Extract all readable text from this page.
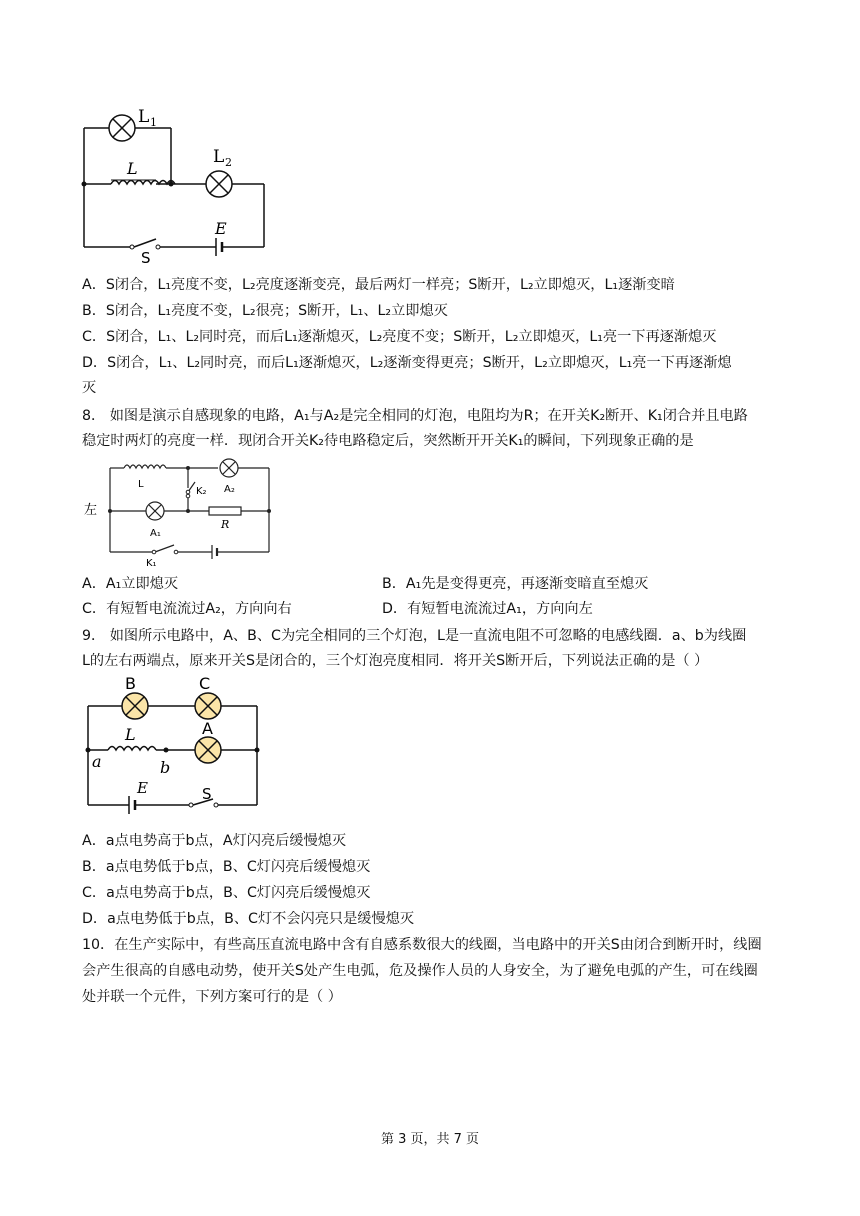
L 1
L 2
L
E
S
A．S闭合，L₁亮度不变，L₂亮度逐渐变亮，最后两灯一样亮；S断开，L₂立即熄灭，L₁逐渐变暗
B．S闭合，L₁亮度不变，L₂很亮；S断开，L₁、L₂立即熄灭
C．S闭合，L₁、L₂同时亮，而后L₁逐渐熄灭，L₂亮度不变；S断开，L₂立即熄灭，L₁亮一下再逐渐熄灭
D．S闭合，L₁、L₂同时亮，而后L₁逐渐熄灭，L₂逐渐变得更亮；S断开，L₂立即熄灭，L₁亮一下再逐渐熄
灭
8． 如图是演示自感现象的电路，A₁与A₂是完全相同的灯泡，电阻均为R；在开关K₂断开、K₁闭合并且电路
稳定时两灯的亮度一样．现闭合开关K₂待电路稳定后，突然断开开关K₁的瞬间，下列现象正确的是
左
L
K₂ A₂
A₁
R
K₁
A．A₁立即熄灭	B．A₁先是变得更亮，再逐渐变暗直至熄灭
C．有短暂电流流过A₂，方向向右	D．有短暂电流流过A₁，方向向左
9． 如图所示电路中，A、B、C为完全相同的三个灯泡，L是一直流电阻不可忽略的电感线圈．a、b为线圈
L的左右两端点，原来开关S是闭合的，三个灯泡亮度相同．将开关S断开后，下列说法正确的是（ ）
B	C
A
L
a	b
E	S
A．a点电势高于b点，A灯闪亮后缓慢熄灭
B．a点电势低于b点，B、C灯闪亮后缓慢熄灭
C．a点电势高于b点，B、C灯闪亮后缓慢熄灭
D．a点电势低于b点，B、C灯不会闪亮只是缓慢熄灭
10．在生产实际中，有些高压直流电路中含有自感系数很大的线圈，当电路中的开关S由闭合到断开时，线圈
会产生很高的自感电动势，使开关S处产生电弧，危及操作人员的人身安全，为了避免电弧的产生，可在线圈
处并联一个元件，下列方案可行的是（ ）
第 3 页，共 7 页
